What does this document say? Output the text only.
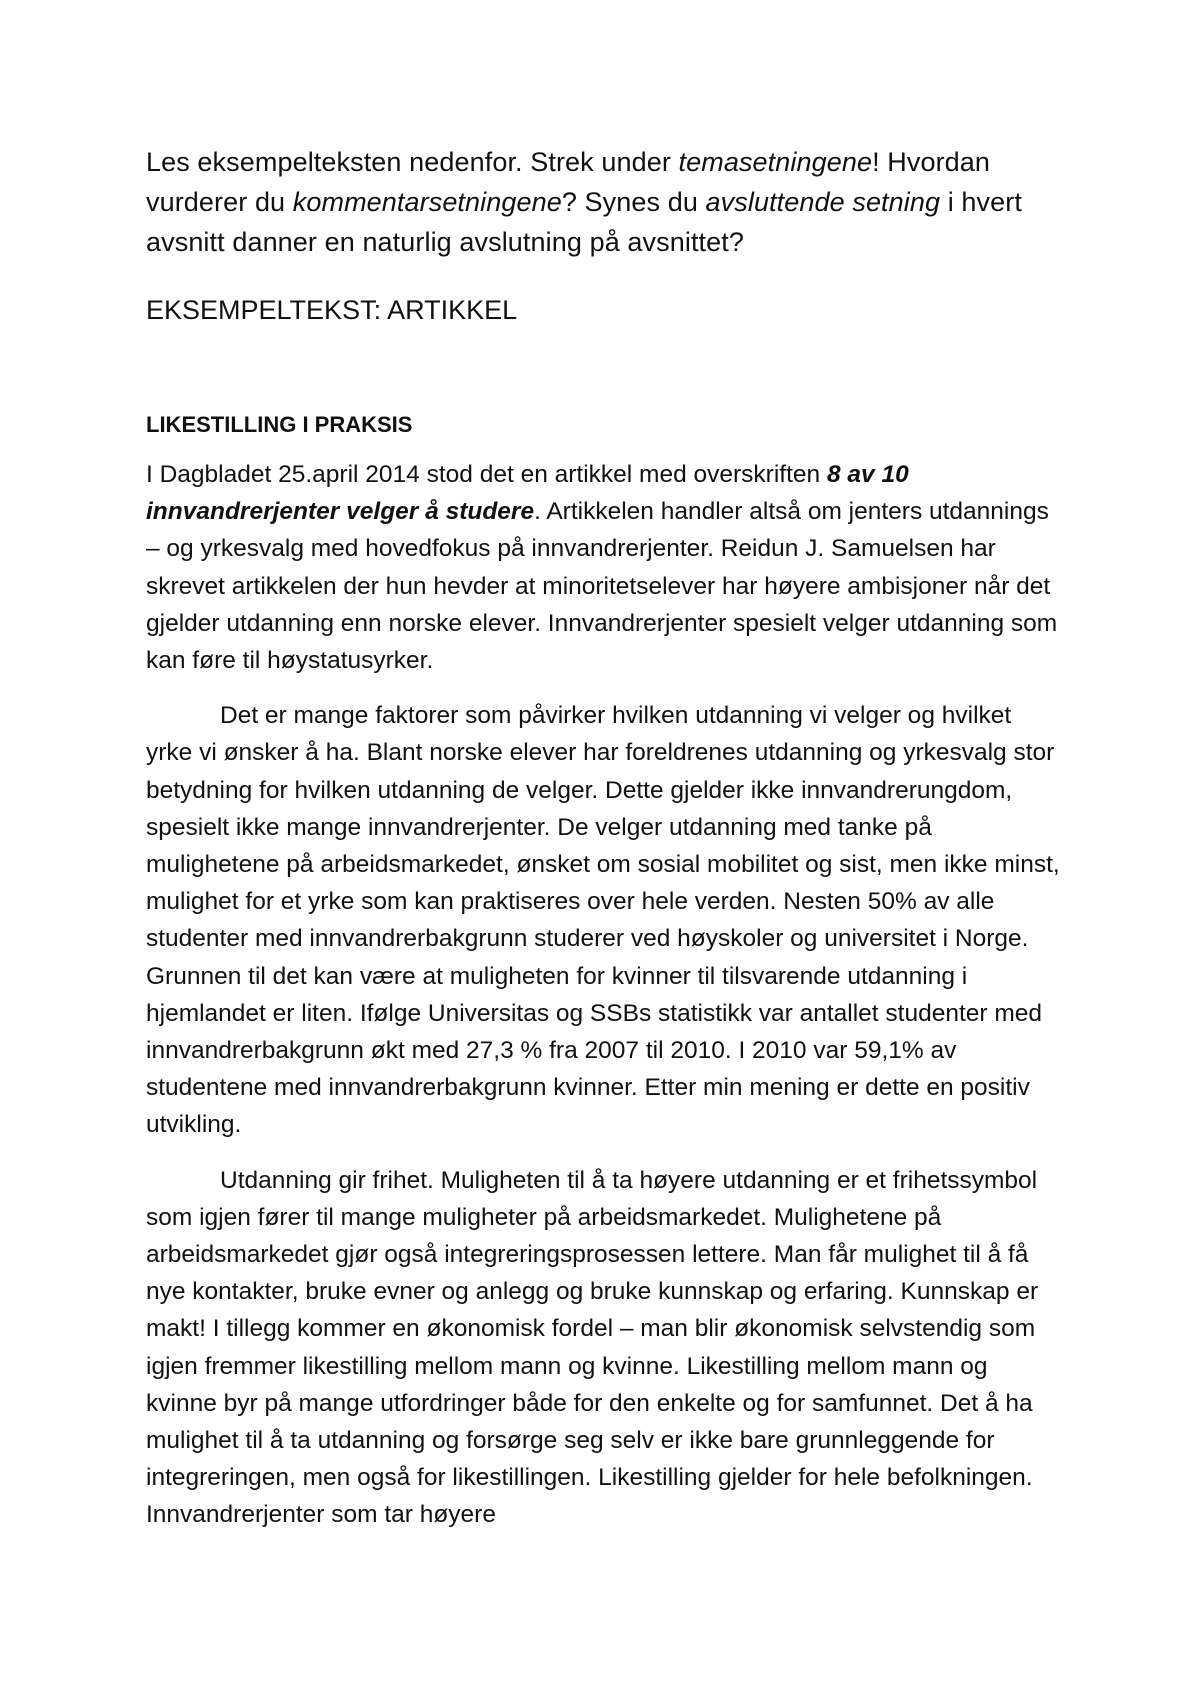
Les eksempelteksten nedenfor. Strek under temasetningene! Hvordan vurderer du kommentarsetningene? Synes du avsluttende setning i hvert avsnitt danner en naturlig avslutning på avsnittet?

EKSEMPELTEKST: ARTIKKEL
LIKESTILLING I PRAKSIS

I Dagbladet 25.april 2014 stod det en artikkel med overskriften 8 av 10 innvandrerjenter velger å studere. Artikkelen handler altså om jenters utdannings – og yrkesvalg med hovedfokus på innvandrerjenter. Reidun J. Samuelsen har skrevet artikkelen der hun hevder at minoritetselever har høyere ambisjoner når det gjelder utdanning enn norske elever. Innvandrerjenter spesielt velger utdanning som kan føre til høystatusyrker.

Det er mange faktorer som påvirker hvilken utdanning vi velger og hvilket yrke vi ønsker å ha. Blant norske elever har foreldrenes utdanning og yrkesvalg stor betydning for hvilken utdanning de velger. Dette gjelder ikke innvandrerungdom, spesielt ikke mange innvandrerjenter. De velger utdanning med tanke på mulighetene på arbeidsmarkedet, ønsket om sosial mobilitet og sist, men ikke minst, mulighet for et yrke som kan praktiseres over hele verden. Nesten 50% av alle studenter med innvandrerbakgrunn studerer ved høyskoler og universitet i Norge. Grunnen til det kan være at muligheten for kvinner til tilsvarende utdanning i hjemlandet er liten. Ifølge Universitas og SSBs statistikk var antallet studenter med innvandrerbakgrunn økt med 27,3 % fra 2007 til 2010. I 2010 var 59,1% av studentene med innvandrerbakgrunn kvinner. Etter min mening er dette en positiv utvikling.

Utdanning gir frihet. Muligheten til å ta høyere utdanning er et frihetssymbol som igjen fører til mange muligheter på arbeidsmarkedet. Mulighetene på arbeidsmarkedet gjør også integreringsprosessen lettere. Man får mulighet til å få nye kontakter, bruke evner og anlegg og bruke kunnskap og erfaring. Kunnskap er makt! I tillegg kommer en økonomisk fordel – man blir økonomisk selvstendig som igjen fremmer likestilling mellom mann og kvinne. Likestilling mellom mann og kvinne byr på mange utfordringer både for den enkelte og for samfunnet. Det å ha mulighet til å ta utdanning og forsørge seg selv er ikke bare grunnleggende for integreringen, men også for likestillingen. Likestilling gjelder for hele befolkningen. Innvandrerjenter som tar høyere
